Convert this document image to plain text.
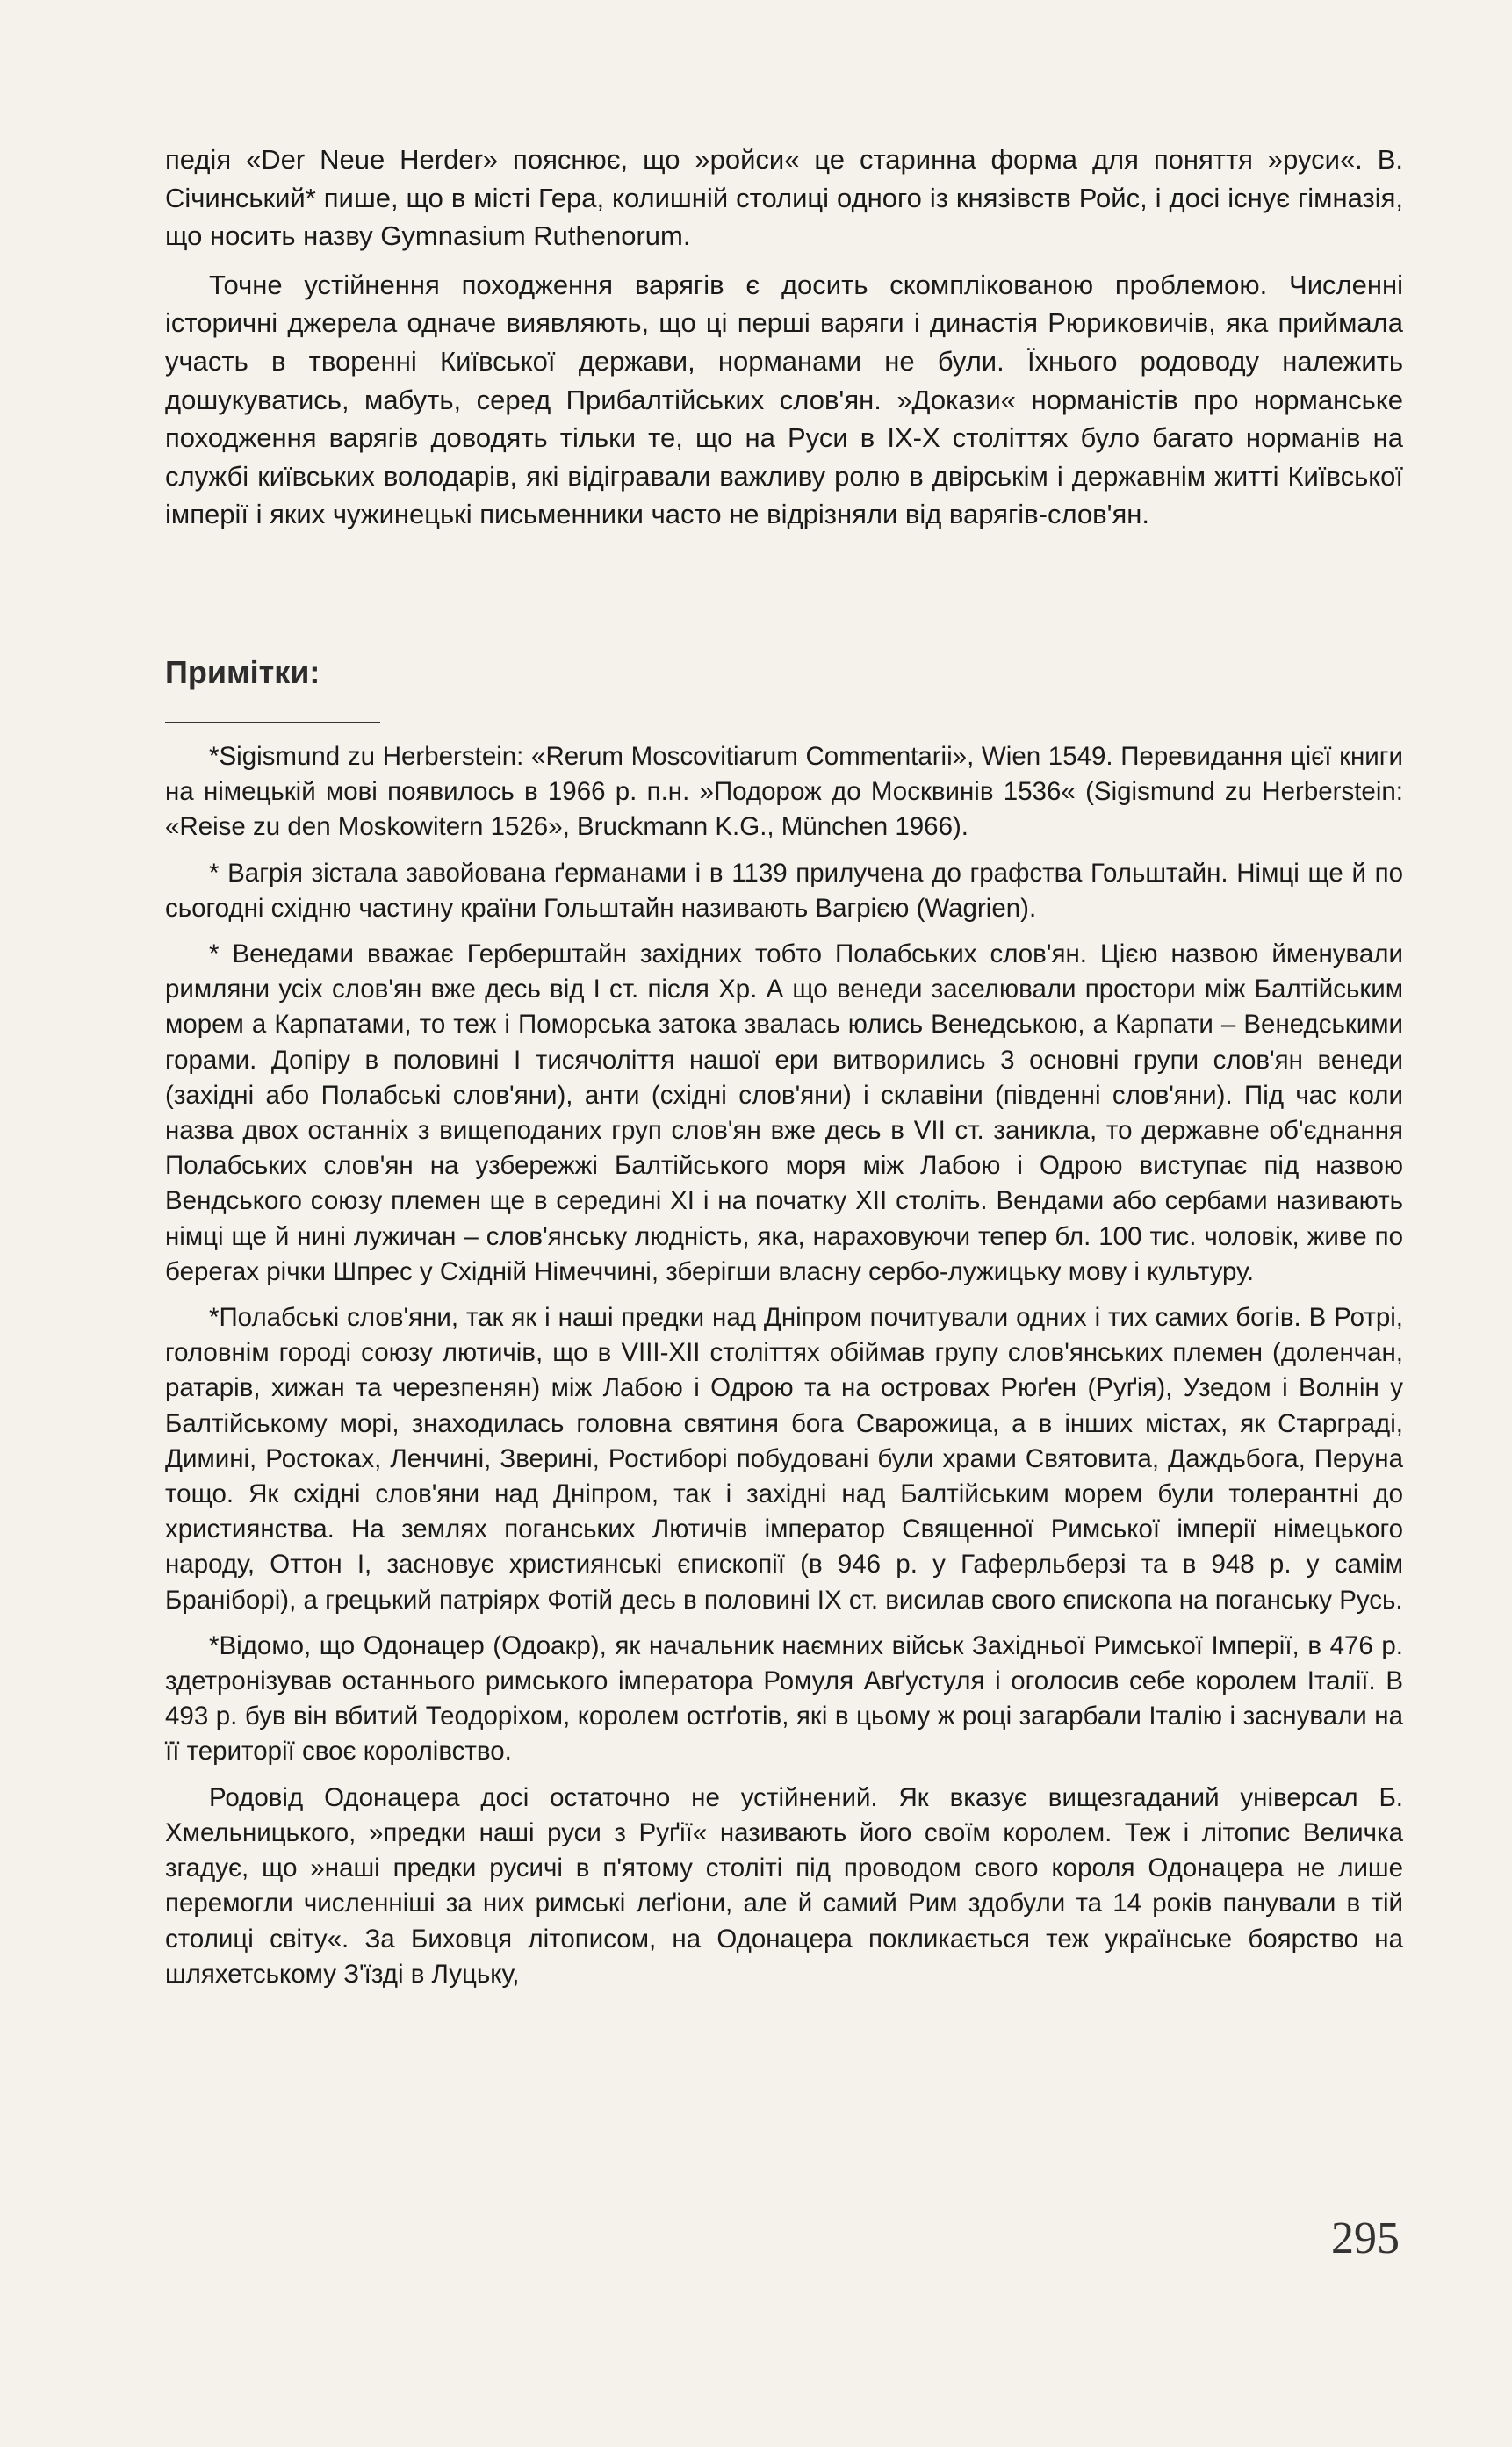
педія «Der Neue Herder» пояснює, що »ройси« це старинна форма для поняття »руси«. В. Січинський* пише, що в місті Гера, колишній столиці одного із князівств Ройс, і досі існує гімназія, що носить назву Gymnasium Ruthenorum.

Точне устійнення походження варягів є досить скомплікованою проблемою. Численні історичні джерела одначе виявляють, що ці перші варяги і династія Рюриковичів, яка приймала участь в творенні Київської держави, норманами не були. Їхнього родоводу належить дошукуватись, мабуть, серед Прибалтійських слов'ян. »Докази« норманістів про норманське походження варягів доводять тільки те, що на Руси в IX-X століттях було багато норманів на службі київських володарів, які відігравали важливу ролю в двірськім і державнім житті Київської імперії і яких чужинецькі письменники часто не відрізняли від варягів-слов'ян.

Примітки:

*Sigismund zu Herberstein: «Rerum Moscovitiarum Commentarii», Wien 1549. Перевидання цієї книги на німецькій мові появилось в 1966 р. п.н. »Подорож до Москвинів 1536« (Sigismund zu Herberstein: «Reise zu den Moskowitern 1526», Bruckmann K.G., München 1966).

* Вагрія зістала завойована ґерманами і в 1139 прилучена до графства Гольштайн. Німці ще й по сьогодні східню частину країни Гольштайн називають Вагрією (Wagrien).

* Венедами вважає Герберштайн західних тобто Полабських слов'ян. Цією назвою йменували римляни усіх слов'ян вже десь від I ст. після Хр. А що венеди заселювали простори між Балтійським морем а Карпатами, то теж і Поморська затока звалась юлись Венедською, а Карпати – Венедськими горами. Допіру в половині I тисячоліття нашої ери витворились 3 основні групи слов'ян венеди (західні або Полабські слов'яни), анти (східні слов'яни) і склавіни (південні слов'яни). Під час коли назва двох останніх з вищеподаних груп слов'ян вже десь в VII ст. заникла, то державне об'єднання Полабських слов'ян на узбережжі Балтійського моря між Лабою і Одрою виступає під назвою Вендського союзу племен ще в середині XI і на початку XII століть. Вендами або сербами називають німці ще й нині лужичан – слов'янську людність, яка, нараховуючи тепер бл. 100 тис. чоловік, живе по берегах річки Шпрес у Східній Німеччині, зберігши власну сербо-лужицьку мову і культуру.

*Полабські слов'яни, так як і наші предки над Дніпром почитували одних і тих самих богів. В Ротрі, головнім городі союзу лютичів, що в VIII-XII століттях обіймав групу слов'янських племен (доленчан, ратарів, хижан та черезпенян) між Лабою і Одрою та на островах Рюґен (Руґія), Узедом і Волнін у Балтійському морі, знаходилась головна святиня бога Сварожица, а в інших містах, як Старграді, Димині, Ростоках, Ленчині, Зверині, Ростиборі побудовані були храми Святовита, Даждьбога, Перуна тощо. Як східні слов'яни над Дніпром, так і західні над Балтійським морем були толерантні до християнства. На землях поганських Лютичів імператор Священної Римської імперії німецького народу, Оттон I, засновує християнські єпископії (в 946 р. у Гаферльберзі та в 948 р. у самім Бранібoрі), а грецький патріярх Фотій десь в половині IX ст. висилав свого єпископа на поганську Русь.

*Відомо, що Одонацер (Одоакр), як начальник наємних військ Західньої Римської Імперії, в 476 р. здетронізував останнього римського імператора Ромуля Авґустуля і оголосив себе королем Італії. В 493 р. був він вбитий Теодоріхом, королем остґотів, які в цьому ж році загарбали Італію і заснували на її території своє королівство.

Родовід Одонацера досі остаточно не устійнений. Як вказує вищезгаданий універсал Б. Хмельницького, »предки наші руси з Руґії« називають його своїм королем. Теж і літопис Величка згадує, що »наші предки русичі в п'ятому століті під проводом свого короля Одонацера не лише перемогли численніші за них римські леґіони, але й самий Рим здобули та 14 років панували в тій столиці світу«. За Биховця літописом, на Одонацера покликається теж українське боярство на шляхетському З'їзді в Луцьку,

295
